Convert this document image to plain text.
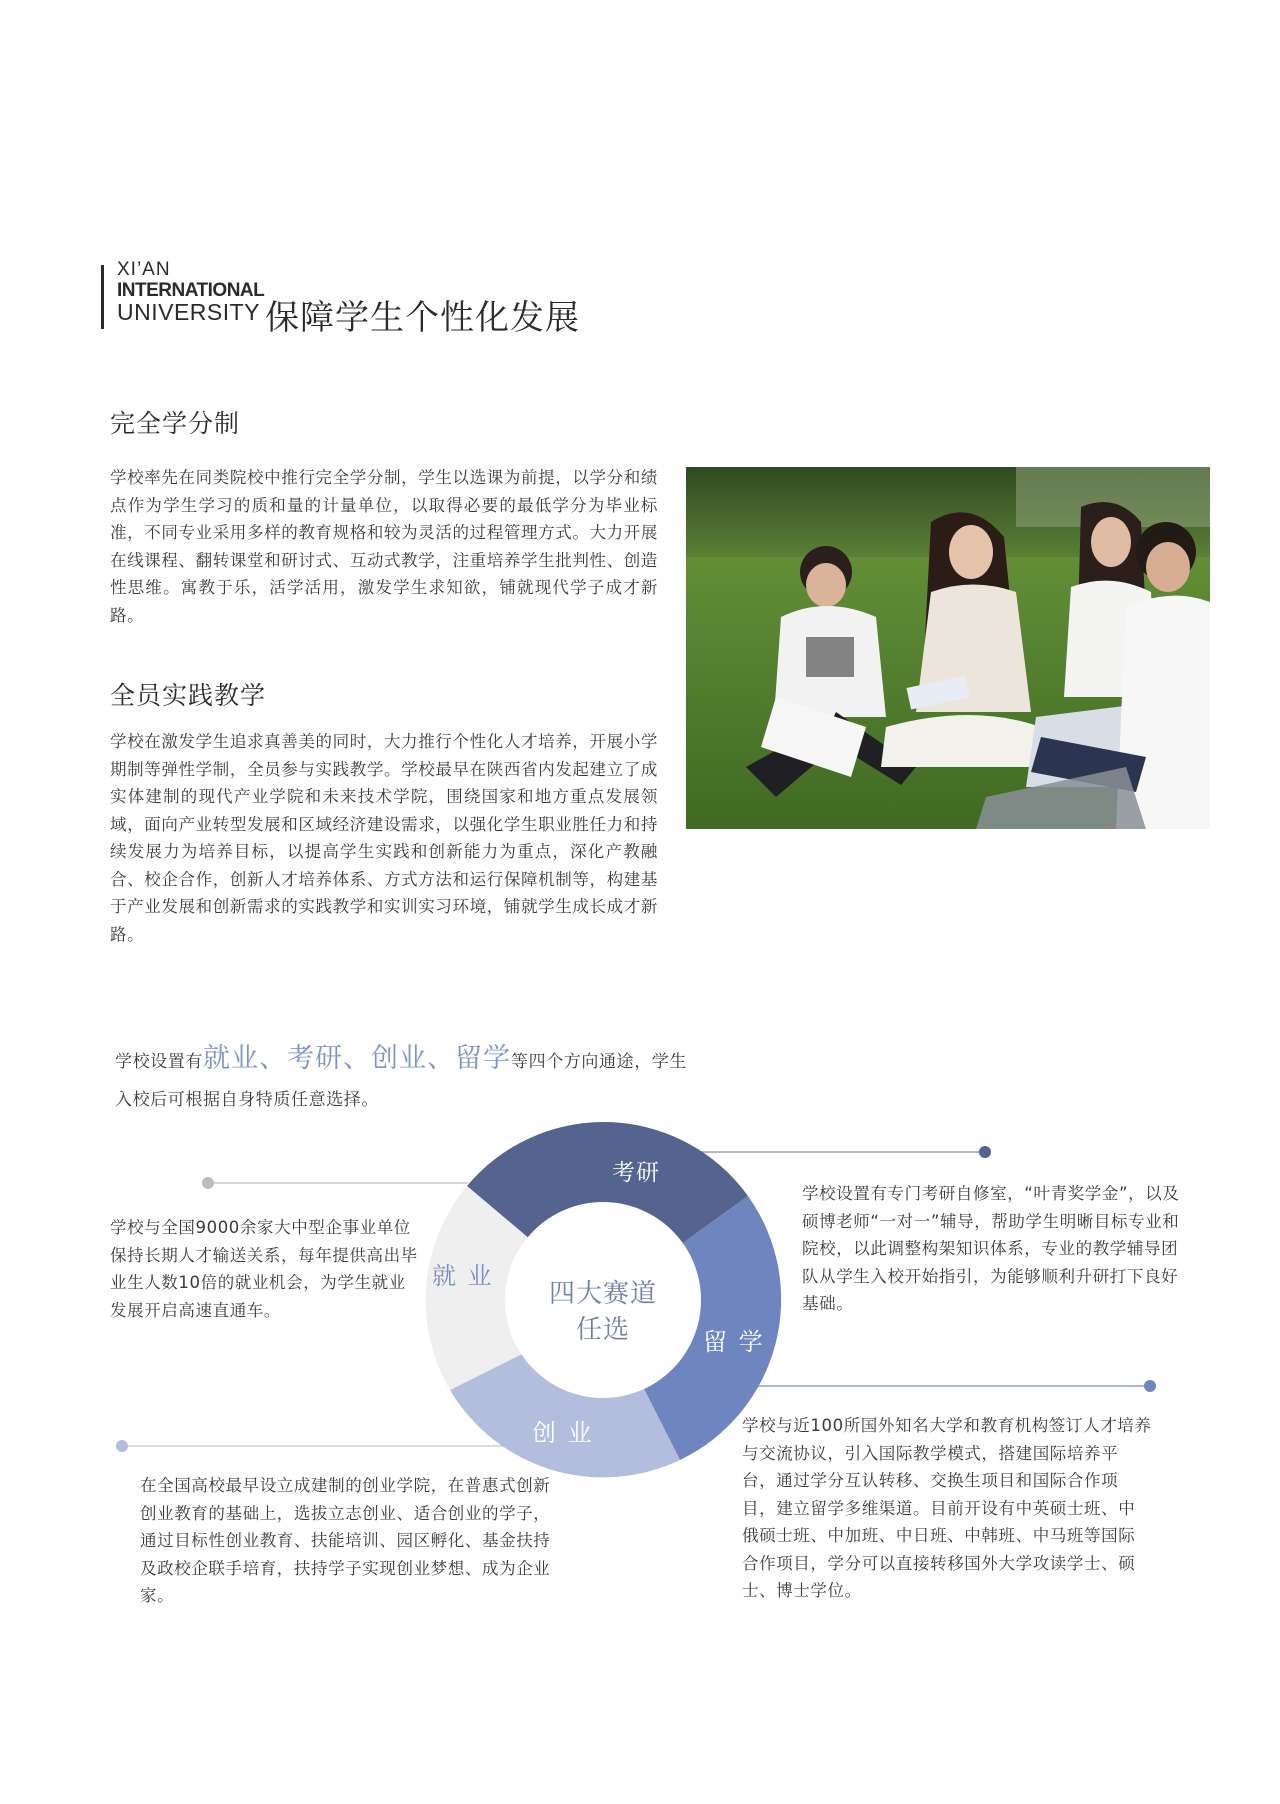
XI’AN
INTERNATIONAL
UNIVERSITY 保障学生个性化发展
完全学分制
学校率先在同类院校中推行完全学分制，学生以选课为前提，以学分和绩点作为学生学习的质和量的计量单位，以取得必要的最低学分为毕业标准，不同专业采用多样的教育规格和较为灵活的过程管理方式。大力开展在线课程、翻转课堂和研讨式、互动式教学，注重培养学生批判性、创造性思维。寓教于乐，活学活用，激发学生求知欲，铺就现代学子成才新路。
全员实践教学
学校在激发学生追求真善美的同时，大力推行个性化人才培养，开展小学期制等弹性学制，全员参与实践教学。学校最早在陕西省内发起建立了成实体建制的现代产业学院和未来技术学院，围绕国家和地方重点发展领域，面向产业转型发展和区域经济建设需求，以强化学生职业胜任力和持续发展力为培养目标，以提高学生实践和创新能力为重点，深化产教融合、校企合作，创新人才培养体系、方式方法和运行保障机制等，构建基于产业发展和创新需求的实践教学和实训实习环境，铺就学生成长成才新路。
学校设置有就业、考研、创业、留学等四个方向通途，学生
入校后可根据自身特质任意选择。
考研
就 业
留 学
创 业
四大赛道
任选
学校设置有专门考研自修室，“叶青奖学金”，以及硕博老师“一对一”辅导，帮助学生明晰目标专业和院校，以此调整构架知识体系，专业的教学辅导团队从学生入校开始指引，为能够顺利升研打下良好基础。
学校与全国9000余家大中型企事业单位保持长期人才输送关系，每年提供高出毕业生人数10倍的就业机会，为学生就业发展开启高速直通车。
学校与近100所国外知名大学和教育机构签订人才培养与交流协议，引入国际教学模式，搭建国际培养平台，通过学分互认转移、交换生项目和国际合作项目，建立留学多维渠道。目前开设有中英硕士班、中俄硕士班、中加班、中日班、中韩班、中马班等国际合作项目，学分可以直接转移国外大学攻读学士、硕士、博士学位。
在全国高校最早设立成建制的创业学院，在普惠式创新创业教育的基础上，选拔立志创业、适合创业的学子，通过目标性创业教育、扶能培训、园区孵化、基金扶持及政校企联手培育，扶持学子实现创业梦想、成为企业家。
